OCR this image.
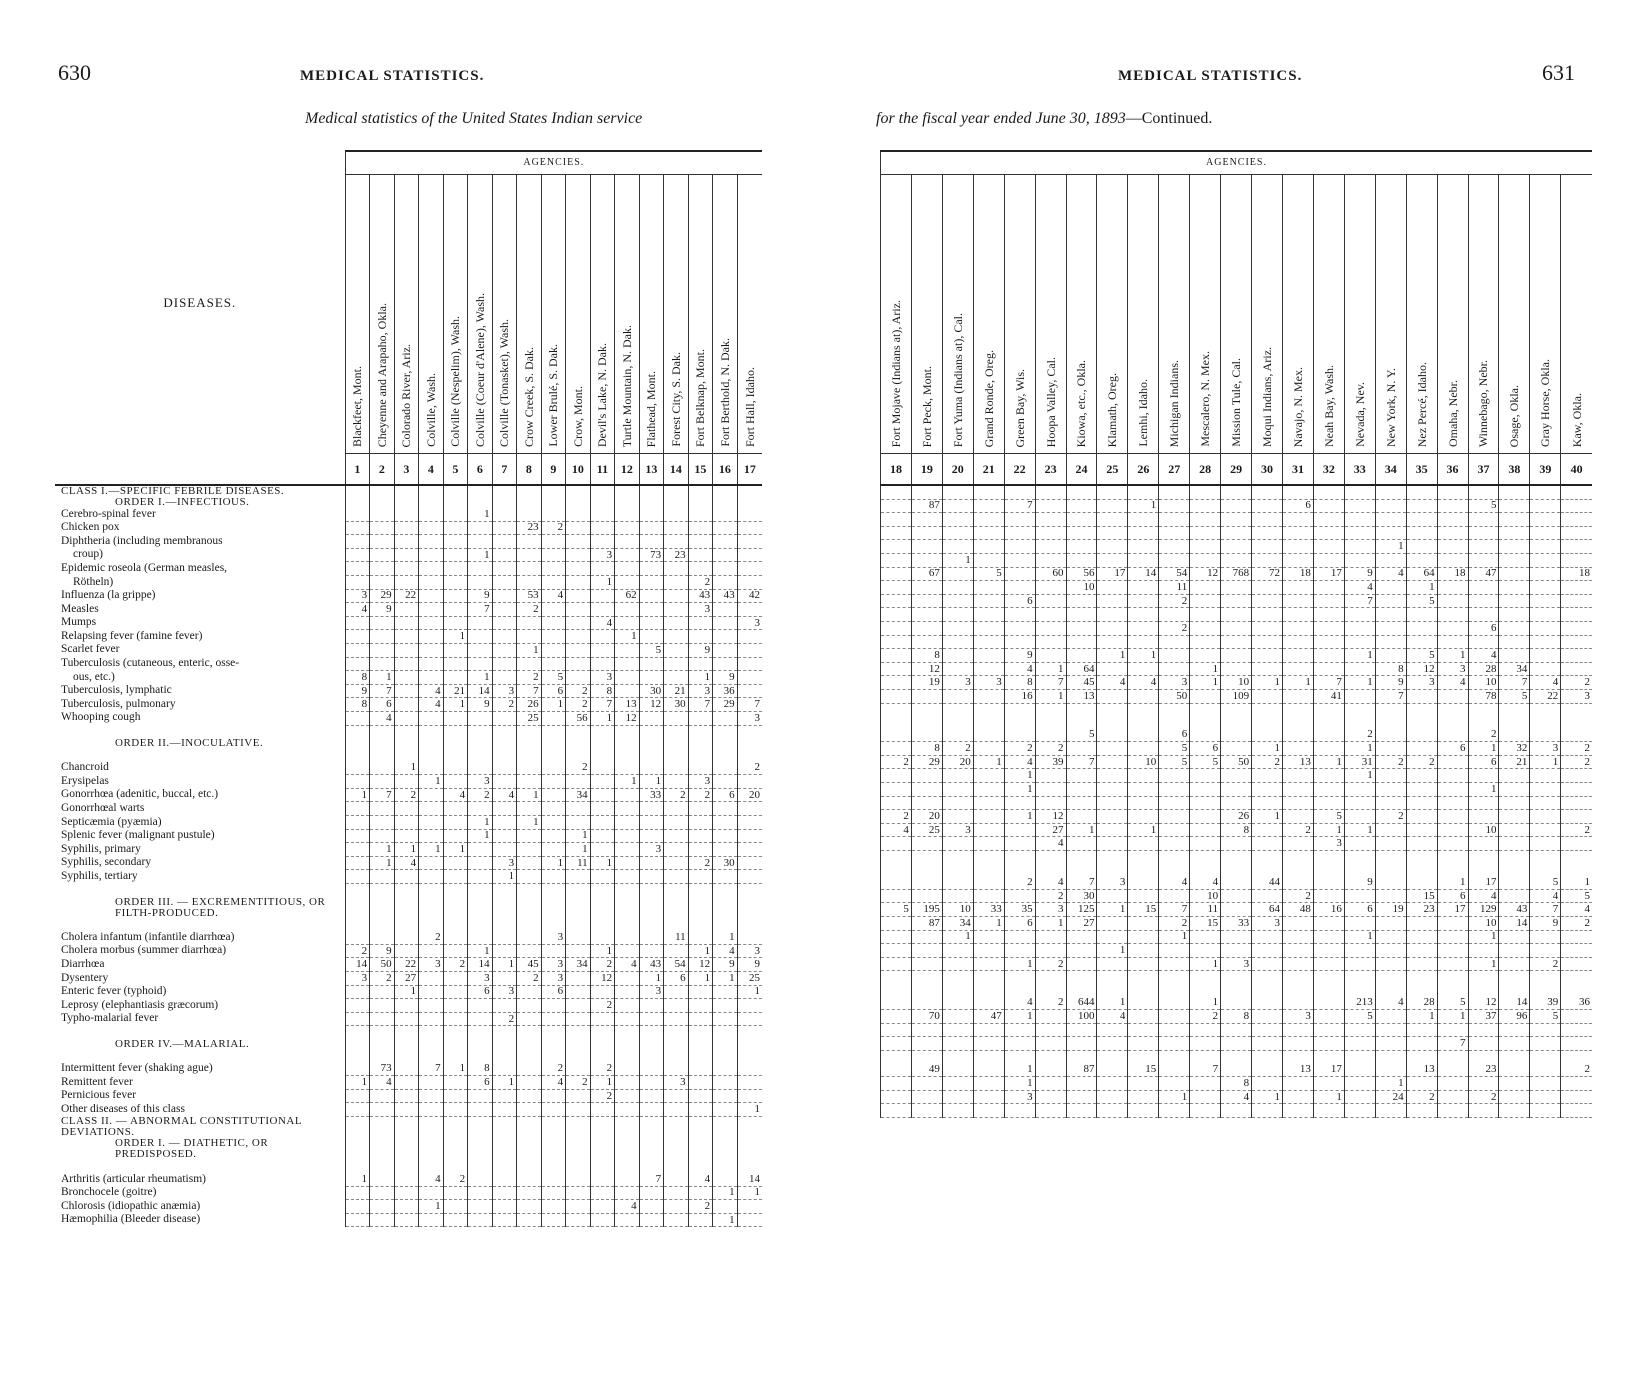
630	MEDICAL STATISTICS.
Medical statistics of the United States Indian service
DISEASES.	AGENCIES.																

	Blackfeet, Mont.	Cheyenne and Arapaho, Okla.	Colorado River, Ariz.	Colville, Wash.	Colville (Nespelim), Wash.	Colville (Coeur d'Alene), Wash.	Colville (Tonasket), Wash.	Crow Creek, S. Dak.	Lower Brulé, S. Dak.	Crow, Mont.	Devil's Lake, N. Dak.	Turtle Mountain, N. Dak.	Flathead, Mont.	Forest City, S. Dak.	Fort Belknap, Mont.	Fort Berthold, N. Dak.	Fort Hall, Idaho.

	1	2	3	4	5	6	7	8	9	10	11	12	13	14	15	16	17
CLASS I.—SPECIFIC FEBRILE DISEASES.																	
ORDER I.—INFECTIOUS.																	
Cerebro-spinal fever						1											
Chicken pox								23	2								
Diphtheria (including membranous																	
croup)						1					3		73	23			
Epidemic roseola (German measles,																	
Rötheln)											1				2		
Influenza (la grippe)	3	29	22			9		53	4			62			43	43	42
Measles	4	9				7		2							3		
Mumps											4						3
Relapsing fever (famine fever)					1							1					
Scarlet fever								1					5		9		
Tuberculosis (cutaneous, enteric, osse-																	
ous, etc.)	8	1				1		2	5		3				1	9	
Tuberculosis, lymphatic	9	7		4	21	14	3	7	6	2	8		30	21	3	36	
Tuberculosis, pulmonary	8	6		4	1	9	2	26	1	2	7	13	12	30	7	29	7
Whooping cough		4						25		56	1	12					3

ORDER II.—INOCULATIVE.																	

Chancroid			1							2							2
Erysipelas				1		3						1	1		3		
Gonorrhœa (adenitic, buccal, etc.)	1	7	2		4	2	4	1		34			33	2	2	6	20
Gonorrhœal warts																	
Septicæmia (pyæmia)						1		1									
Splenic fever (malignant pustule)						1				1							
Syphilis, primary		1	1	1	1					1			3				
Syphilis, secondary		1	4				3		1	11	1				2	30	
Syphilis, tertiary							1										

ORDER III. — EXCREMENTITIOUS, OR																	
FILTH-PRODUCED.																	

Cholera infantum (infantile diarrhœa)				2					3					11		1	
Cholera morbus (summer diarrhœa)	2	9				1					1				1	4	3
Diarrhœa	14	50	22	3	2	14	1	45	3	34	2	4	43	54	12	9	9
Dysentery	3	2	27			3		2	3		12		1	6	1	1	25
Enteric fever (typhoid)			1			6	3		6				3				1
Leprosy (elephantiasis græcorum)											2						
Typho-malarial fever							2										

ORDER IV.—MALARIAL.																	

Intermittent fever (shaking ague)		73		7	1	8			2		2						
Remittent fever	1	4				6	1		4	2	1			3			
Pernicious fever											2						
Other diseases of this class																	1
CLASS II. — ABNORMAL CONSTITUTIONAL DEVIATIONS.																	
ORDER I. — DIATHETIC, OR PREDISPOSED.																	

Arthritis (articular rheumatism)	1			4	2								7		4		14
Bronchocele (goitre)																1	1
Chlorosis (idiopathic anæmia)				1								4			2		
Hæmophilia (Bleeder disease)																1	
631
MEDICAL STATISTICS.
for the fiscal year ended June 30, 1893—Continued.
AGENCIES.																						

Fort Mojave (Indians at), Ariz.	Fort Peck, Mont.	Fort Yuma (Indians at), Cal.	Grand Ronde, Oreg.	Green Bay, Wis.	Hoopa Valley, Cal.	Kiowa, etc., Okla.	Klamath, Oreg.	Lemhi, Idaho.	Michigan Indians.	Mescalero, N. Mex.	Mission Tule, Cal.	Moqui Indians, Ariz.	Navajo, N. Mex.	Neah Bay, Wash.	Nevada, Nev.	New York, N. Y.	Nez Percé, Idaho.	Omaha, Nebr.	Winnebago, Nebr.	Osage, Okla.	Gray Horse, Okla.	Kaw, Okla.

18	19	20	21	22	23	24	25	26	27	28	29	30	31	32	33	34	35	36	37	38	39	40

	87			7				1					6						5			

																1						
		1																				
	67		5		60	56	17	14	54	12	768	72	18	17	9	4	64	18	47			18
						10			11						4		1					
				6					2						7		5					

									2										6			

	8			9			1	1							1		5	1	4			
	12			4	1	64				1						8	12	3	28	34		
	19	3	3	8	7	45	4	4	3	1	10	1	1	7	1	9	3	4	10	7	4	2
				16	1	13			50		109			41		7			78	5	22	3

						5			6						2				2			
	8	2		2	2				5	6		1			1			6	1	32	3	2
2	29	20	1	4	39	7		10	5	5	50	2	13	1	31	2	2		6	21	1	2
				1											1							
				1															1			

2	20			1	12						26	1		5		2						
4	25	3			27	1		1			8		2	1	1				10			2
					4									3								

				2	4	7	3		4	4		44			9			1	17		5	1
					2	30				10			2				15	6	4		4	5
5	195	10	33	35	3	125	1	15	7	11		64	48	16	6	19	23	17	129	43	7	4
	87	34	1	6	1	27			2	15	33	3							10	14	9	2
		1							1						1				1			
							1															
				1	2					1	3								1		2	

				4	2	644	1			1					213	4	28	5	12	14	39	36
	70		47	1		100	4			2	8		3		5		1	1	37	96	5	

																		7				

	49			1		87		15		7			13	17			13		23			2
				1							8					1						
				3					1		4	1		1		24	2		2			
